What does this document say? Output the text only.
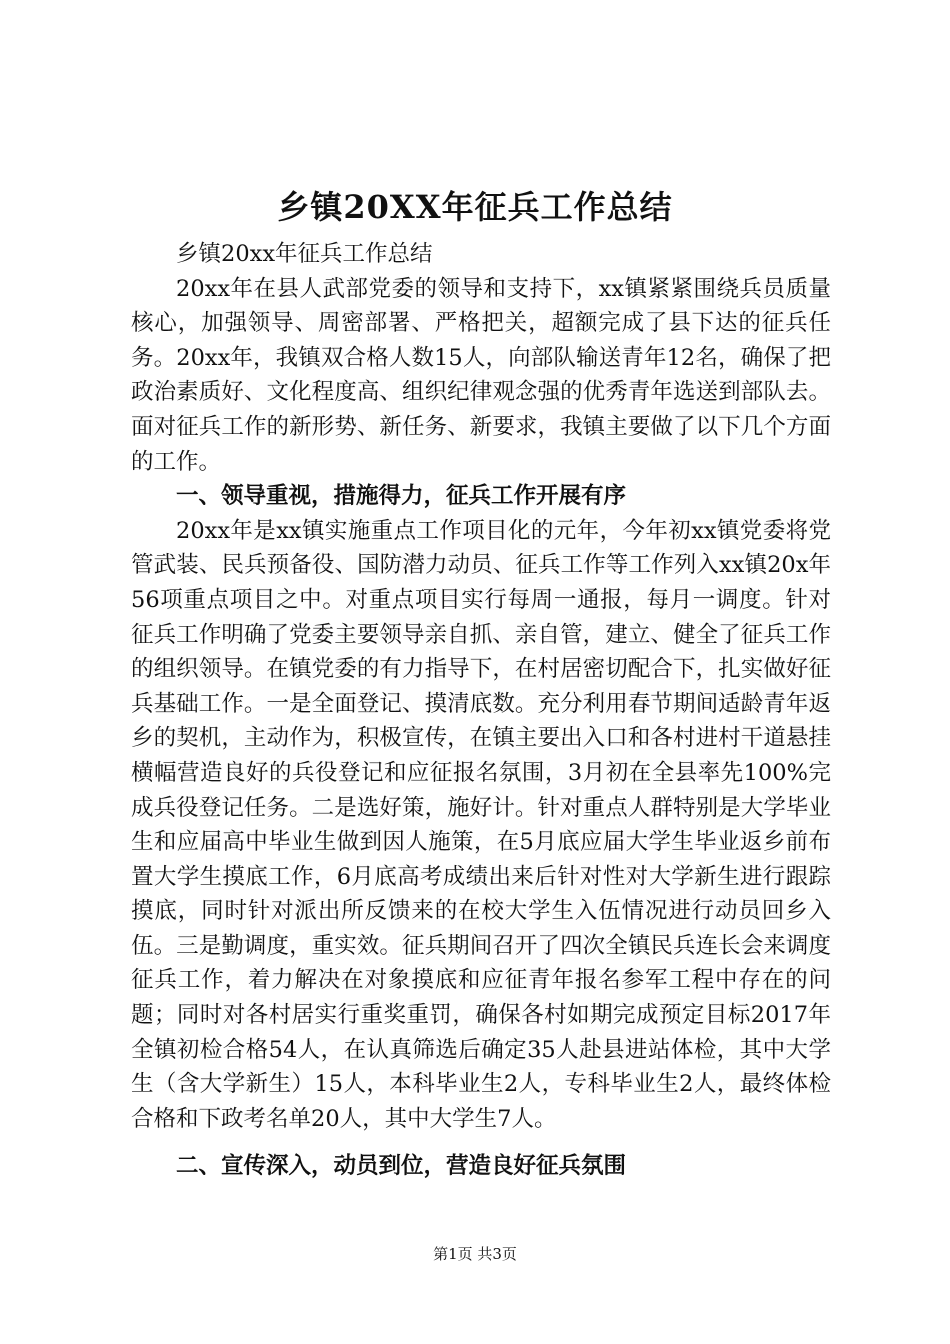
乡镇20XX年征兵工作总结

乡镇20xx年征兵工作总结

20xx年在县人武部党委的领导和支持下，xx镇紧紧围绕兵员质量核心，加强领导、周密部署、严格把关，超额完成了县下达的征兵任务。20xx年，我镇双合格人数15人，向部队输送青年12名，确保了把政治素质好、文化程度高、组织纪律观念强的优秀青年选送到部队去。面对征兵工作的新形势、新任务、新要求，我镇主要做了以下几个方面的工作。

一、领导重视，措施得力，征兵工作开展有序

20xx年是xx镇实施重点工作项目化的元年，今年初xx镇党委将党管武装、民兵预备役、国防潜力动员、征兵工作等工作列入xx镇20x年56项重点项目之中。对重点项目实行每周一通报，每月一调度。针对征兵工作明确了党委主要领导亲自抓、亲自管，建立、健全了征兵工作的组织领导。在镇党委的有力指导下，在村居密切配合下，扎实做好征兵基础工作。一是全面登记、摸清底数。充分利用春节期间适龄青年返乡的契机，主动作为，积极宣传，在镇主要出入口和各村进村干道悬挂横幅营造良好的兵役登记和应征报名氛围，3月初在全县率先100%完成兵役登记任务。二是选好策，施好计。针对重点人群特别是大学毕业生和应届高中毕业生做到因人施策，在5月底应届大学生毕业返乡前布置大学生摸底工作，6月底高考成绩出来后针对性对大学新生进行跟踪摸底，同时针对派出所反馈来的在校大学生入伍情况进行动员回乡入伍。三是勤调度，重实效。征兵期间召开了四次全镇民兵连长会来调度征兵工作，着力解决在对象摸底和应征青年报名参军工程中存在的问题；同时对各村居实行重奖重罚，确保各村如期完成预定目标2017年全镇初检合格54人，在认真筛选后确定35人赴县进站体检，其中大学生（含大学新生）15人，本科毕业生2人，专科毕业生2人，最终体检合格和下政考名单20人，其中大学生7人。

二、宣传深入，动员到位，营造良好征兵氛围

第1页 共3页
